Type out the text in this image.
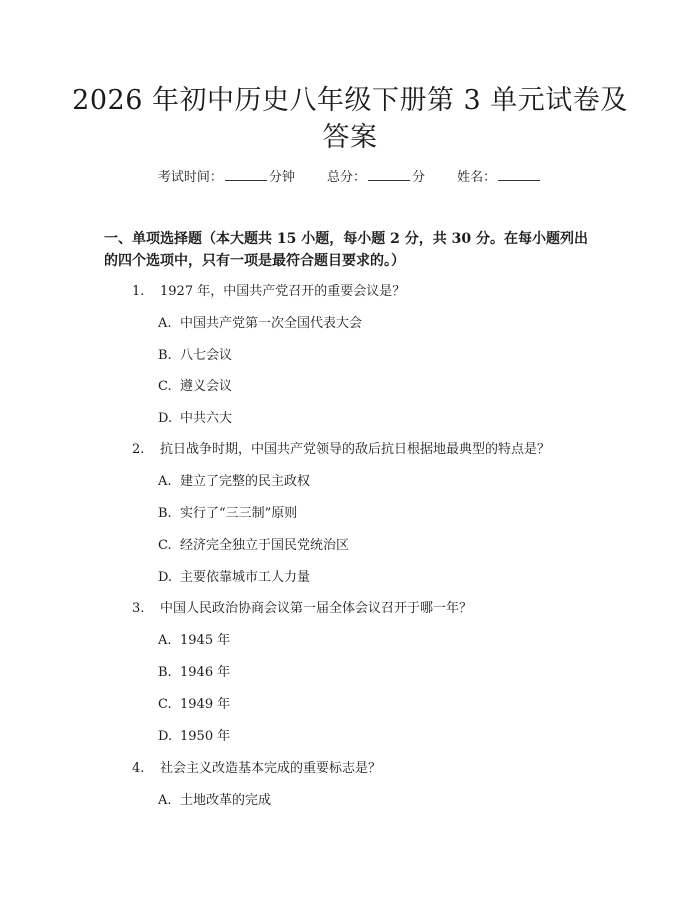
2026 年初中历史八年级下册第 3 单元试卷及答案
考试时间：	分钟 总分：	分 姓名：

一、单项选择题（本大题共 15 小题，每小题 2 分，共 30 分。在每小题列出的四个选项中，只有一项是最符合题目要求的。）

1. 1927 年，中国共产党召开的重要会议是？
A. 中国共产党第一次全国代表大会
B. 八七会议
C. 遵义会议
D. 中共六大
2. 抗日战争时期，中国共产党领导的敌后抗日根据地最典型的特点是？
A. 建立了完整的民主政权
B. 实行了“三三制”原则
C. 经济完全独立于国民党统治区
D. 主要依靠城市工人力量
3. 中国人民政治协商会议第一届全体会议召开于哪一年？
A. 1945 年
B. 1946 年
C. 1949 年
D. 1950 年
4. 社会主义改造基本完成的重要标志是？
A. 土地改革的完成
